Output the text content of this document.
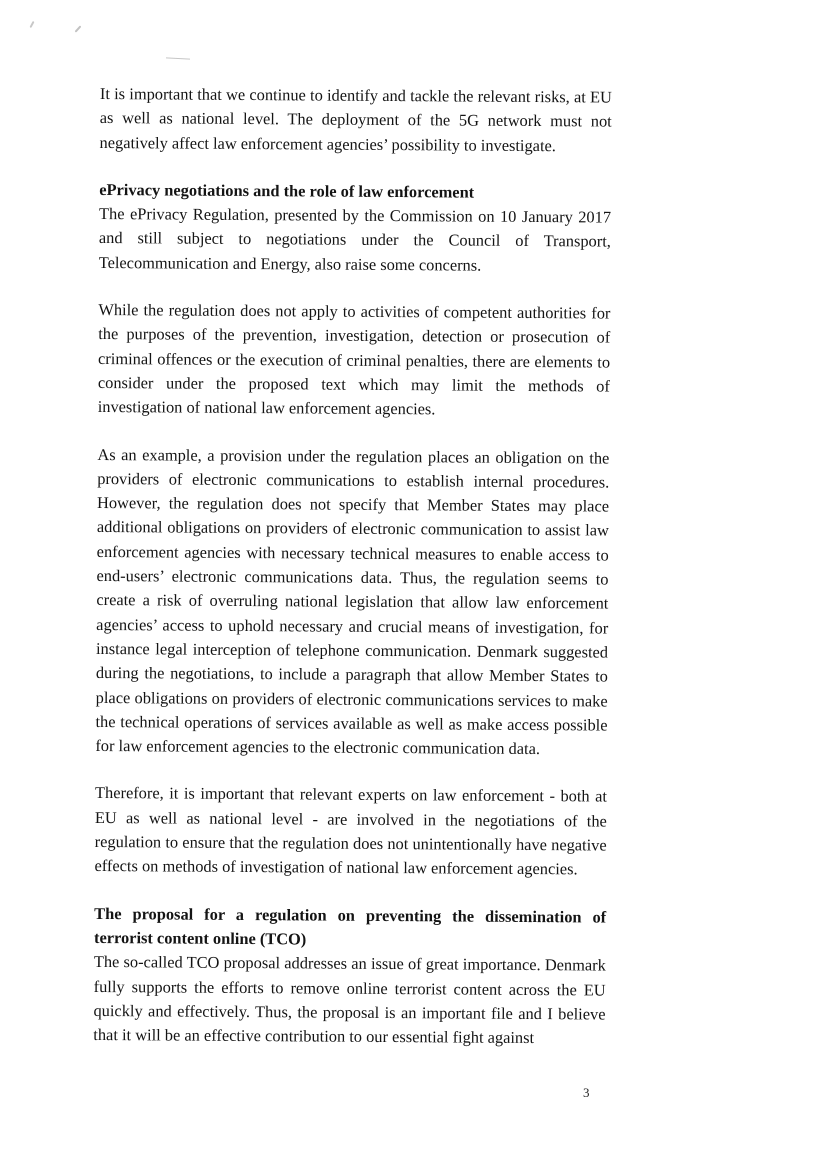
It is important that we continue to identify and tackle the relevant risks, at EU as well as national level. The deployment of the 5G network must not negatively affect law enforcement agencies’ possibility to investigate.

ePrivacy negotiations and the role of law enforcement

The ePrivacy Regulation, presented by the Commission on 10 January 2017 and still subject to negotiations under the Council of Transport, Telecommunication and Energy, also raise some concerns.

While the regulation does not apply to activities of competent authorities for the purposes of the prevention, investigation, detection or prosecution of criminal offences or the execution of criminal penalties, there are elements to consider under the proposed text which may limit the methods of investigation of national law enforcement agencies.

As an example, a provision under the regulation places an obligation on the providers of electronic communications to establish internal procedures. However, the regulation does not specify that Member States may place additional obligations on providers of electronic communication to assist law enforcement agencies with necessary technical measures to enable access to end-users’ electronic communications data. Thus, the regulation seems to create a risk of overruling national legislation that allow law enforcement agencies’ access to uphold necessary and crucial means of investigation, for instance legal interception of telephone communication. Denmark suggested during the negotiations, to include a paragraph that allow Member States to place obligations on providers of electronic communications services to make the technical operations of services available as well as make access possible for law enforcement agencies to the electronic communication data.

Therefore, it is important that relevant experts on law enforcement - both at EU as well as national level - are involved in the negotiations of the regulation to ensure that the regulation does not unintentionally have negative effects on methods of investigation of national law enforcement agencies.

The proposal for a regulation on preventing the dissemination of terrorist content online (TCO)

The so-called TCO proposal addresses an issue of great importance. Denmark fully supports the efforts to remove online terrorist content across the EU quickly and effectively. Thus, the proposal is an important file and I believe that it will be an effective contribution to our essential fight against

3
